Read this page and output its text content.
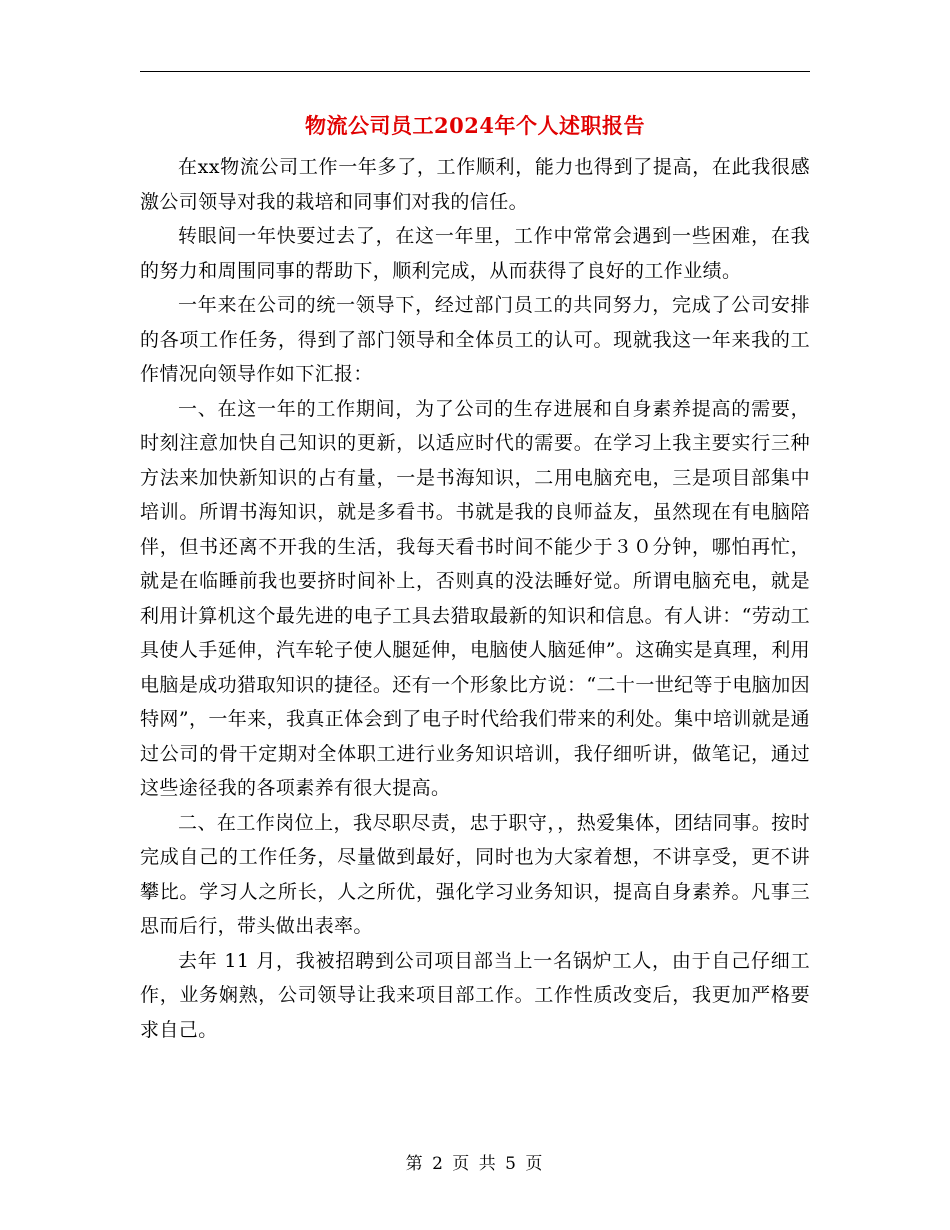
物流公司员工2024年个人述职报告

在xx物流公司工作一年多了，工作顺利，能力也得到了提高，在此我很感激公司领导对我的栽培和同事们对我的信任。

转眼间一年快要过去了，在这一年里，工作中常常会遇到一些困难，在我的努力和周围同事的帮助下，顺利完成，从而获得了良好的工作业绩。

一年来在公司的统一领导下，经过部门员工的共同努力，完成了公司安排的各项工作任务，得到了部门领导和全体员工的认可。现就我这一年来我的工作情况向领导作如下汇报：

一、在这一年的工作期间，为了公司的生存进展和自身素养提高的需要，时刻注意加快自己知识的更新，以适应时代的需要。在学习上我主要实行三种方法来加快新知识的占有量，一是书海知识，二用电脑充电，三是项目部集中培训。所谓书海知识，就是多看书。书就是我的良师益友，虽然现在有电脑陪伴，但书还离不开我的生活，我每天看书时间不能少于３０分钟，哪怕再忙，就是在临睡前我也要挤时间补上，否则真的没法睡好觉。所谓电脑充电，就是利用计算机这个最先进的电子工具去猎取最新的知识和信息。有人讲：“劳动工具使人手延伸，汽车轮子使人腿延伸，电脑使人脑延伸”。这确实是真理，利用电脑是成功猎取知识的捷径。还有一个形象比方说：“二十一世纪等于电脑加因特网”，一年来，我真正体会到了电子时代给我们带来的利处。集中培训就是通过公司的骨干定期对全体职工进行业务知识培训，我仔细听讲，做笔记，通过这些途径我的各项素养有很大提高。

二、在工作岗位上，我尽职尽责，忠于职守，，热爱集体，团结同事。按时完成自己的工作任务，尽量做到最好，同时也为大家着想，不讲享受，更不讲攀比。学习人之所长，人之所优，强化学习业务知识，提高自身素养。凡事三思而后行，带头做出表率。

去年 11 月，我被招聘到公司项目部当上一名锅炉工人，由于自己仔细工作，业务娴熟，公司领导让我来项目部工作。工作性质改变后，我更加严格要求自己。

第 2 页 共 5 页
